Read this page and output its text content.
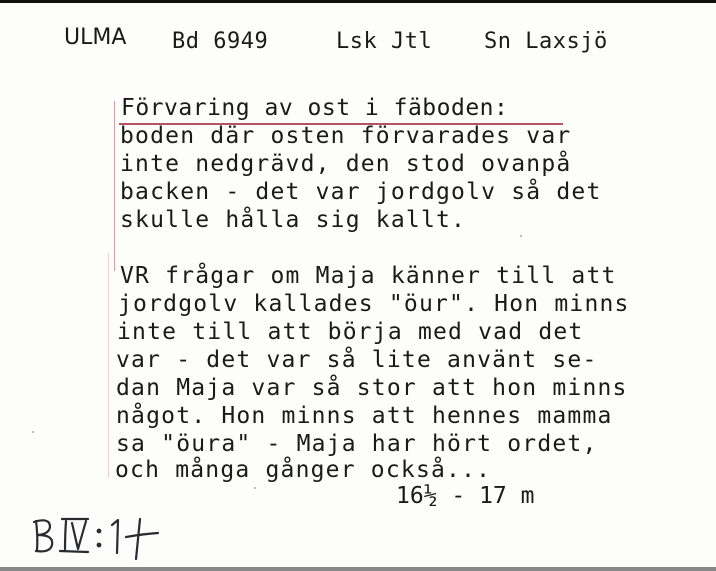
ULMA Bd 6949	Lsk Jtl Sn Laxsjö
Förvaring av ost i fäboden:
boden där osten förvarades var
inte nedgrävd, den stod ovanpå
backen - det var jordgolv så det
skulle hålla sig kallt.
VR frågar om Maja känner till att
jordgolv kallades "öur". Hon minns
inte till att börja med vad det
var - det var så lite använt se-
dan Maja var så stor att hon minns
något. Hon minns att hennes mamma
sa "öura" - Maja har hört ordet,
och många gånger också...
16½ - 17 m
